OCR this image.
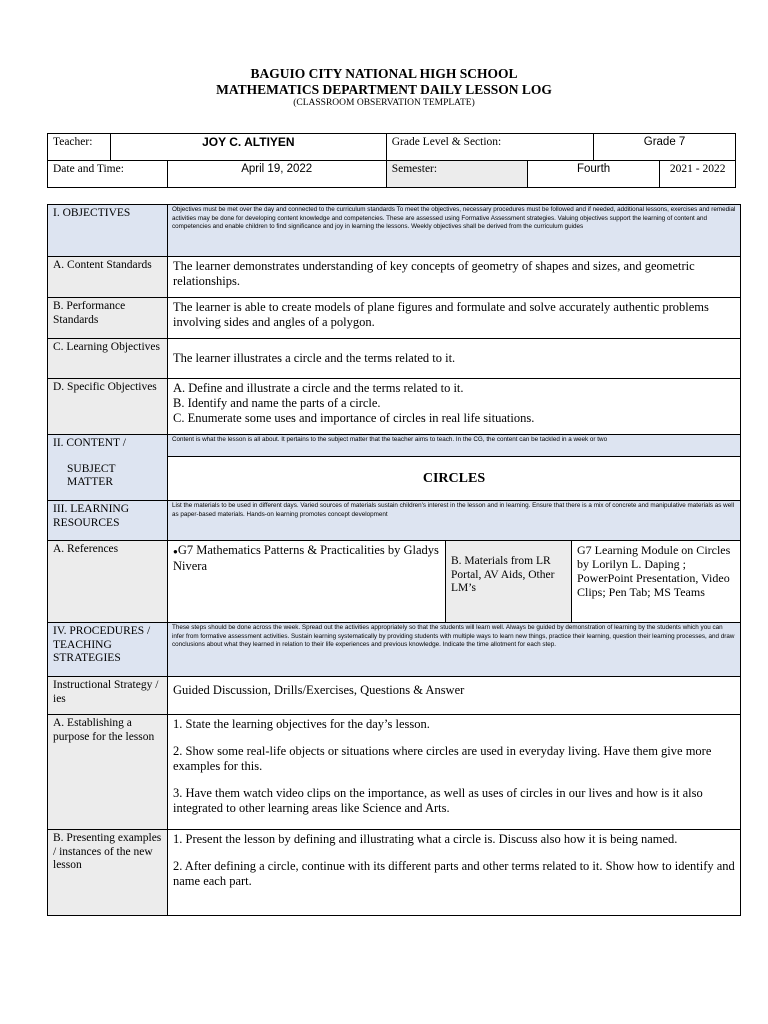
BAGUIO CITY NATIONAL HIGH SCHOOL
MATHEMATICS DEPARTMENT DAILY LESSON LOG
(CLASSROOM OBSERVATION TEMPLATE)
Teacher:	JOY C. ALTIYEN		Grade Level & Section:		Grade 7	
Date and Time:		April 19, 2022	Semester:	Fourth		2021 - 2022
I. OBJECTIVES	Objectives must be met over the day and connected to the curriculum standards To meet the objectives, necessary procedures must be followed and if needed, additional lessons, exercises and remedial activities may be done for developing content knowledge and competencies. These are assessed using Formative Assessment strategies. Valuing objectives support the learning of content and competencies and enable children to find significance and joy in learning the lessons. Weekly objectives shall be derived from the curriculum guides		
A. Content Standards	The learner demonstrates understanding of key concepts of geometry of shapes and sizes, and geometric relationships.		
B. Performance Standards	The learner is able to create models of plane figures and formulate and solve accurately authentic problems involving sides and angles of a polygon.		
C. Learning Objectives	The learner illustrates a circle and the terms related to it.		
D. Specific Objectives	A. Define and illustrate a circle and the terms related to it.
B. Identify and name the parts of a circle.
C. Enumerate some uses and importance of circles in real life situations.		

II. CONTENT /
SUBJECT MATTER	Content is what the lesson is all about. It pertains to the subject matter that the teacher aims to teach. In the CG, the content can be tackled in a week or two		
	CIRCLES		
III. LEARNING RESOURCES	List the materials to be used in different days. Varied sources of materials sustain children's interest in the lesson and in learning. Ensure that there is a mix of concrete and manipulative materials as well as paper-based materials. Hands-on learning promotes concept development		
A. References	●G7 Mathematics Patterns & Practicalities by Gladys Nivera	B. Materials from LR Portal, AV Aids, Other LM’s	G7 Learning Module on Circles by Lorilyn L. Daping ; PowerPoint Presentation, Video Clips; Pen Tab; MS Teams
IV. PROCEDURES / TEACHING STRATEGIES	These steps should be done across the week. Spread out the activities appropriately so that the students will learn well. Always be guided by demonstration of learning by the students which you can infer from formative assessment activities. Sustain learning systematically by providing students with multiple ways to learn new things, practice their learning, question their learning processes, and draw conclusions about what they learned in relation to their life experiences and previous knowledge. Indicate the time allotment for each step.		
Instructional Strategy / ies	Guided Discussion, Drills/Exercises, Questions & Answer		
A. Establishing a purpose for the lesson	1. State the learning objectives for the day’s lesson.

2. Show some real-life objects or situations where circles are used in everyday living. Have them give more examples for this.

3. Have them watch video clips on the importance, as well as uses of circles in our lives and how is it also integrated to other learning areas like Science and Arts.		

B. Presenting examples / instances of the new lesson	1. Present the lesson by defining and illustrating what a circle is. Discuss also how it is being named.

2. After defining a circle, continue with its different parts and other terms related to it. Show how to identify and name each part.		
